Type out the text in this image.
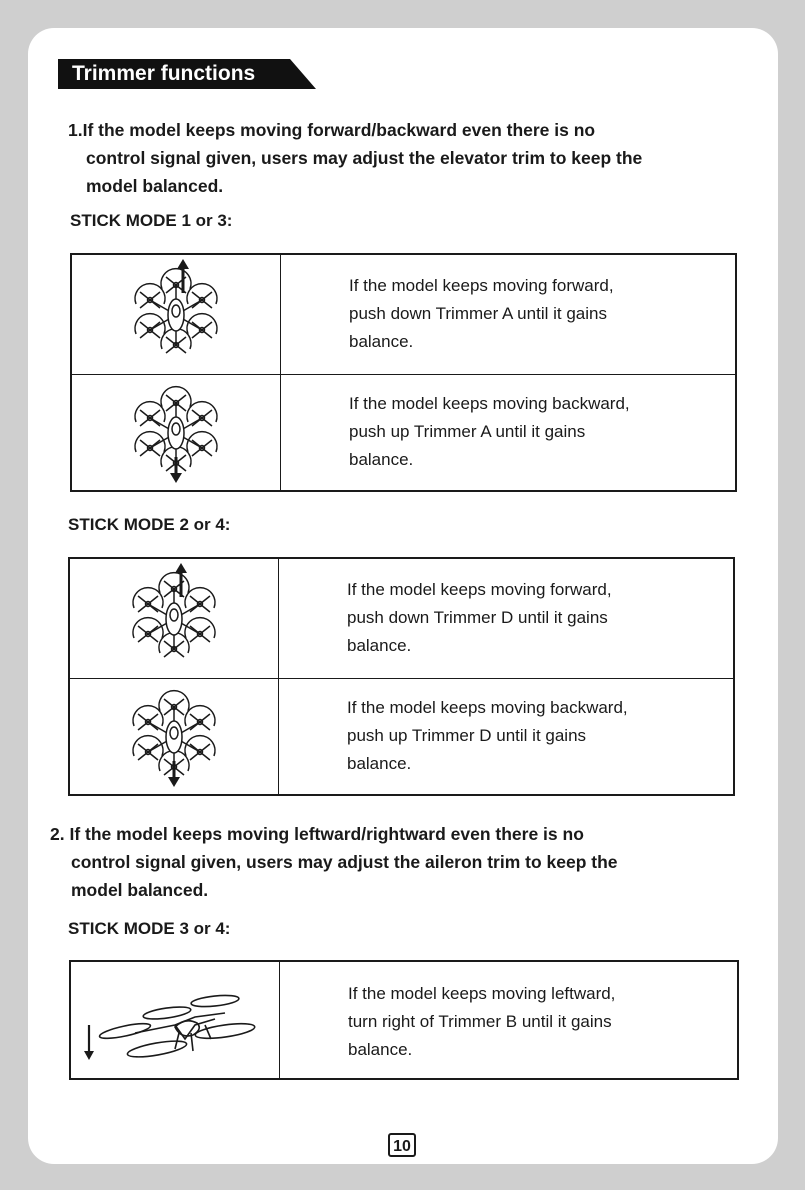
Trimmer functions
1.If the model keeps moving forward/backward even there is no
control signal given, users may adjust the elevator trim to keep the
model balanced.
STICK MODE 1 or 3:

If the model keeps moving forward,
push down Trimmer A until it gains
balance.

If the model keeps moving backward,
push up Trimmer A until it gains
balance.
STICK MODE 2 or 4:

If the model keeps moving forward,
push down Trimmer D until it gains
balance.

If the model keeps moving backward,
push up Trimmer D until it gains
balance.
2. If the model keeps moving leftward/rightward even there is no
control signal given, users may adjust the aileron trim to keep the
model balanced.
STICK MODE 3 or 4:

If the model keeps moving leftward,
turn right of Trimmer B until it gains
balance.
10
